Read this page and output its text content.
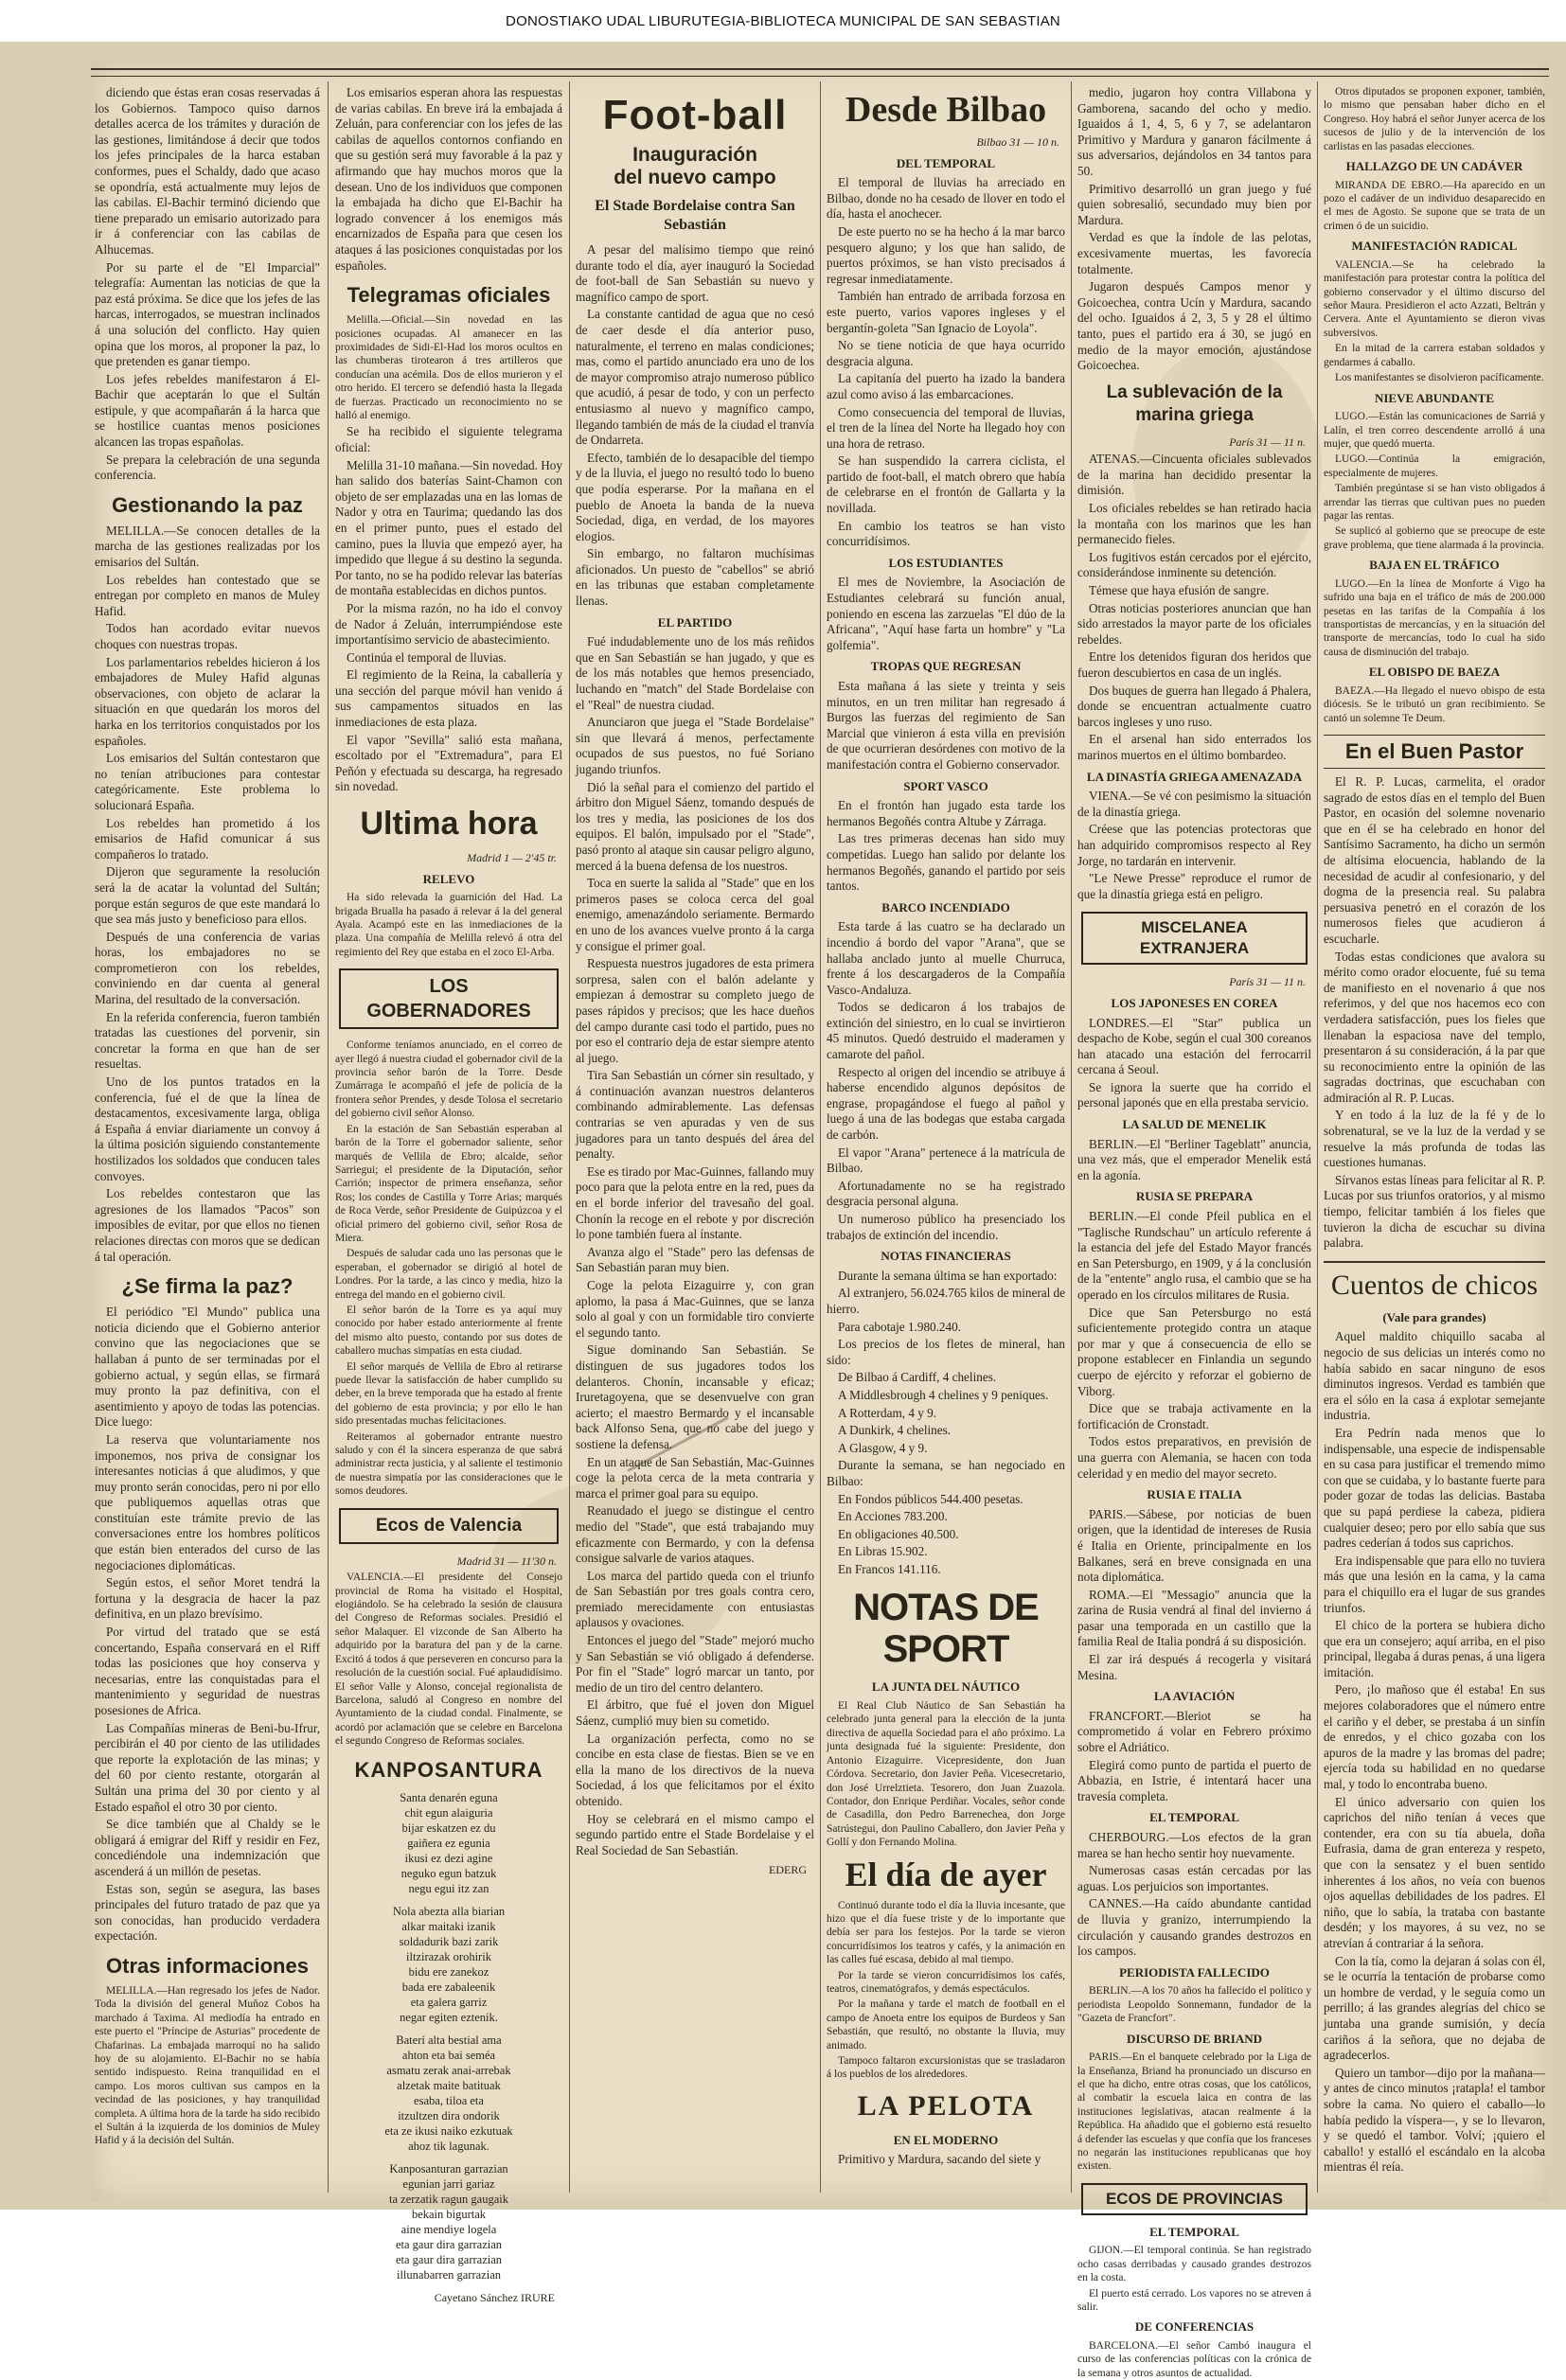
DONOSTIAKO UDAL LIBURUTEGIA-BIBLIOTECA MUNICIPAL DE SAN SEBASTIAN

diciendo que éstas eran cosas reservadas á los Gobiernos. Tampoco quiso darnos detalles acerca de los trámites y duración de las gestiones, limitándose á decir que todos los jefes principales de la harca estaban conformes, pues el Schaldy, dado que acaso se opondría, está actualmente muy lejos de las cabilas. El-Bachir terminó diciendo que tiene preparado un emisario autorizado para ir á conferenciar con las cabilas de Alhucemas.

Por su parte el de "El Imparcial" telegrafía: Aumentan las noticias de que la paz está próxima. Se dice que los jefes de las harcas, interrogados, se muestran inclinados á una solución del conflicto. Hay quien opina que los moros, al proponer la paz, lo que pretenden es ganar tiempo.

Los jefes rebeldes manifestaron á El-Bachir que aceptarán lo que el Sultán estipule, y que acompañarán á la harca que se hostilice cuantas menos posiciones alcancen las tropas españolas.

Se prepara la celebración de una segunda conferencia.

Gestionando la paz

MELILLA.—Se conocen detalles de la marcha de las gestiones realizadas por los emisarios del Sultán.

Los rebeldes han contestado que se entregan por completo en manos de Muley Hafid.

Todos han acordado evitar nuevos choques con nuestras tropas.

Los parlamentarios rebeldes hicieron á los embajadores de Muley Hafid algunas observaciones, con objeto de aclarar la situación en que quedarán los moros del harka en los territorios conquistados por los españoles.

Los emisarios del Sultán contestaron que no tenían atribuciones para contestar categóricamente. Este problema lo solucionará España.

Los rebeldes han prometido á los emisarios de Hafid comunicar á sus compañeros lo tratado.

Dijeron que seguramente la resolución será la de acatar la voluntad del Sultán; porque están seguros de que este mandará lo que sea más justo y beneficioso para ellos.

Después de una conferencia de varias horas, los embajadores no se comprometieron con los rebeldes, conviniendo en dar cuenta al general Marina, del resultado de la conversación.

En la referida conferencia, fueron también tratadas las cuestiones del porvenir, sin concretar la forma en que han de ser resueltas.

Uno de los puntos tratados en la conferencia, fué el de que la línea de destacamentos, excesivamente larga, obliga á España á enviar diariamente un convoy á la última posición siguiendo constantemente hostilizados los soldados que conducen tales convoyes.

Los rebeldes contestaron que las agresiones de los llamados "Pacos" son imposibles de evitar, por que ellos no tienen relaciones directas con moros que se dedican á tal operación.

¿Se firma la paz?

El periódico "El Mundo" publica una noticia diciendo que el Gobierno anterior convino que las negociaciones que se hallaban á punto de ser terminadas por el gobierno actual, y según ellas, se firmará muy pronto la paz definitiva, con el asentimiento y apoyo de todas las potencias. Dice luego:

La reserva que voluntariamente nos imponemos, nos priva de consignar los interesantes noticias á que aludimos, y que muy pronto serán conocidas, pero ni por ello que publiquemos aquellas otras que constituían este trámite previo de las conversaciones entre los hombres políticos que están bien enterados del curso de las negociaciones diplomáticas.

Según estos, el señor Moret tendrá la fortuna y la desgracia de hacer la paz definitiva, en un plazo brevísimo.

Por virtud del tratado que se está concertando, España conservará en el Riff todas las posiciones que hoy conserva y necesarias, entre las conquistadas para el mantenimiento y seguridad de nuestras posesiones de Africa.

Las Compañías mineras de Beni-bu-Ifrur, percibirán el 40 por ciento de las utilidades que reporte la explotación de las minas; y del 60 por ciento restante, otorgarán al Sultán una prima del 30 por ciento y al Estado español el otro 30 por ciento.

Se dice también que al Chaldy se le obligará á emigrar del Riff y residir en Fez, concediéndole una indemnización que ascenderá á un millón de pesetas.

Estas son, según se asegura, las bases principales del futuro tratado de paz que ya son conocidas, han producido verdadera expectación.

Otras informaciones

MELILLA.—Han regresado los jefes de Nador. Toda la división del general Muñoz Cobos ha marchado á Taxima. Al mediodía ha entrado en este puerto el "Príncipe de Asturias" procedente de Chafarinas. La embajada marroquí no ha salido hoy de su alojamiento. El-Bachir no se había sentido indispuesto. Reina tranquilidad en el campo. Los moros cultivan sus campos en la vecindad de las posiciones, y hay tranquilidad completa. A última hora de la tarde ha sido recibido el Sultán á la izquierda de los dominios de Muley Hafid y á la decisión del Sultán.

Los emisarios esperan ahora las respuestas de varias cabilas. En breve irá la embajada á Zeluán, para conferenciar con los jefes de las cabilas de aquellos contornos confiando en que su gestión será muy favorable á la paz y afirmando que hay muchos moros que la desean. Uno de los individuos que componen la embajada ha dicho que El-Bachir ha logrado convencer á los enemigos más encarnizados de España para que cesen los ataques á las posiciones conquistadas por los españoles.

Telegramas oficiales

Melilla.—Oficial.—Sin novedad en las posiciones ocupadas. Al amanecer en las proximidades de Sidi-El-Had los moros ocultos en las chumberas tirotearon á tres artilleros que conducían una acémila. Dos de ellos murieron y el otro herido. El tercero se defendió hasta la llegada de fuerzas. Practicado un reconocimiento no se halló al enemigo.

Se ha recibido el siguiente telegrama oficial:

Melilla 31-10 mañana.—Sin novedad. Hoy han salido dos baterías Saint-Chamon con objeto de ser emplazadas una en las lomas de Nador y otra en Taurima; quedando las dos en el primer punto, pues el estado del camino, pues la lluvia que empezó ayer, ha impedido que llegue á su destino la segunda. Por tanto, no se ha podido relevar las baterías de montaña establecidas en dichos puntos.

Por la misma razón, no ha ido el convoy de Nador á Zeluán, interrumpiéndose este importantísimo servicio de abastecimiento.

Continúa el temporal de lluvias.

El regimiento de la Reina, la caballería y una sección del parque móvil han venido á sus campamentos situados en las inmediaciones de esta plaza.

El vapor "Sevilla" salió esta mañana, escoltado por el "Extremadura", para El Peñón y efectuada su descarga, ha regresado sin novedad.

Ultima hora
Madrid 1 — 2'45 tr.
RELEVO

Ha sido relevada la guarnición del Had. La brigada Brualla ha pasado á relevar á la del general Ayala. Acampó este en las inmediaciones de la plaza. Una compañía de Melilla relevó á otra del regimiento del Rey que estaba en el zoco El-Arba.

LOS GOBERNADORES

Conforme teníamos anunciado, en el correo de ayer llegó á nuestra ciudad el gobernador civil de la provincia señor barón de la Torre. Desde Zumárraga le acompañó el jefe de policía de la frontera señor Prendes, y desde Tolosa el secretario del gobierno civil señor Alonso.

En la estación de San Sebastián esperaban al barón de la Torre el gobernador saliente, señor marqués de Vellila de Ebro; alcalde, señor Sarriegui; el presidente de la Diputación, señor Carrión; inspector de primera enseñanza, señor Ros; los condes de Castilla y Torre Arias; marqués de Roca Verde, señor Presidente de Guipúzcoa y el oficial primero del gobierno civil, señor Rosa de Miera.

Después de saludar cada uno las personas que le esperaban, el gobernador se dirigió al hotel de Londres. Por la tarde, a las cinco y media, hizo la entrega del mando en el gobierno civil.

El señor barón de la Torre es ya aquí muy conocido por haber estado anteriormente al frente del mismo alto puesto, contando por sus dotes de caballero muchas simpatías en esta ciudad.

El señor marqués de Vellila de Ebro al retirarse puede llevar la satisfacción de haber cumplido su deber, en la breve temporada que ha estado al frente del gobierno de esta provincia; y por ello le han sido presentadas muchas felicitaciones.

Reiteramos al gobernador entrante nuestro saludo y con él la sincera esperanza de que sabrá administrar recta justicia, y al saliente el testimonio de nuestra simpatía por las consideraciones que le somos deudores.

Ecos de Valencia
Madrid 31 — 11'30 n.

VALENCIA.—El presidente del Consejo provincial de Roma ha visitado el Hospital, elogiándolo. Se ha celebrado la sesión de clausura del Congreso de Reformas sociales. Presidió el señor Malaquer. El vizconde de San Alberto ha adquirido por la baratura del pan y de la carne. Excitó á todos á que perseveren en concurso para la resolución de la cuestión social. Fué aplaudidísimo. El señor Valle y Alonso, concejal regionalista de Barcelona, saludó al Congreso en nombre del Ayuntamiento de la ciudad condal. Finalmente, se acordó por aclamación que se celebre en Barcelona el segundo Congreso de Reformas sociales.

KANPOSANTURA
Santa denarén eguna
chit egun alaiguria
bijar eskatzen ez du
gaiñera ez egunia
ikusi ez dezi agine
neguko egun batzuk
negu egui itz zan
Nola abezta alla biarian
alkar maitaki izanik
soldadurik bazi zarik
iltzirazak orohirik
bidu ere zanekoz
bada ere zabaleenik
eta galera garriz
negar egiten eztenik.
Baterí alta bestial ama
ahton eta bai seméa
asmatu zerak anai-arrebak
alzetak maite batituak
esaba, tiloa eta
itzultzen dira ondorik
eta ze ikusi naiko ezkutuak
ahoz tik lagunak.
Kanposanturan garrazian
egunian jarri gariaz
ta zerzatik ragun gaugaik
bekain bigurtak
aine mendiye logela
eta gaur dira garrazian
eta gaur dira garrazian
illunabarren garrazian
Cayetano Sánchez IRURE
Foot-ball
Inauguración
del nuevo campo
El Stade Bordelaise contra San Sebastián

A pesar del malísimo tiempo que reinó durante todo el día, ayer inauguró la Sociedad de foot-ball de San Sebastián su nuevo y magnífico campo de sport.

La constante cantidad de agua que no cesó de caer desde el día anterior puso, naturalmente, el terreno en malas condiciones; mas, como el partido anunciado era uno de los de mayor compromiso atrajo numeroso público que acudió, á pesar de todo, y con un perfecto entusiasmo al nuevo y magnífico campo, llegando también de más de la ciudad el tranvía de Ondarreta.

Efecto, también de lo desapacible del tiempo y de la lluvia, el juego no resultó todo lo bueno que podía esperarse. Por la mañana en el pueblo de Anoeta la banda de la nueva Sociedad, diga, en verdad, de los mayores elogios.

Sin embargo, no faltaron muchísimas aficionados. Un puesto de "cabellos" se abrió en las tribunas que estaban completamente llenas.

EL PARTIDO

Fué indudablemente uno de los más reñidos que en San Sebastián se han jugado, y que es de los más notables que hemos presenciado, luchando en "match" del Stade Bordelaise con el "Real" de nuestra ciudad.

Anunciaron que juega el "Stade Bordelaise" sin que llevará á menos, perfectamente ocupados de sus puestos, no fué Soriano jugando triunfos.

Dió la señal para el comienzo del partido el árbitro don Miguel Sáenz, tomando después de los tres y media, las posiciones de los dos equipos. El balón, impulsado por el "Stade", pasó pronto al ataque sin causar peligro alguno, merced á la buena defensa de los nuestros.

Toca en suerte la salida al "Stade" que en los primeros pases se coloca cerca del goal enemigo, amenazándolo seriamente. Bermardo en uno de los avances vuelve pronto á la carga y consigue el primer goal.

Respuesta nuestros jugadores de esta primera sorpresa, salen con el balón adelante y empiezan á demostrar su completo juego de pases rápidos y precisos; que les hace dueños del campo durante casi todo el partido, pues no por eso el contrario deja de estar siempre atento al juego.

Tira San Sebastián un córner sin resultado, y á continuación avanzan nuestros delanteros combinando admirablemente. Las defensas contrarias se ven apuradas y ven de sus jugadores para un tanto después del área del penalty.

Ese es tirado por Mac-Guinnes, fallando muy poco para que la pelota entre en la red, pues da en el borde inferior del travesaño del goal. Chonín la recoge en el rebote y por discreción lo pone también fuera al ínstante.

Avanza algo el "Stade" pero las defensas de San Sebastián paran muy bien.

Coge la pelota Eizaguirre y, con gran aplomo, la pasa á Mac-Guinnes, que se lanza solo al goal y con un formidable tiro convierte el segundo tanto.

Sigue dominando San Sebastián. Se distinguen de sus jugadores todos los delanteros. Chonín, incansable y eficaz; Iruretagoyena, que se desenvuelve con gran acierto; el maestro Bermardo y el incansable back Alfonso Sena, que no cabe del juego y sostiene la defensa.

En un ataque de San Sebastián, Mac-Guinnes coge la pelota cerca de la meta contraria y marca el primer goal para su equipo.

Reanudado el juego se distingue el centro medio del "Stade", que está trabajando muy eficazmente con Bermardo, y con la defensa consigue salvarle de varios ataques.

Los marca del partido queda con el triunfo de San Sebastián por tres goals contra cero, premiado merecidamente con entusiastas aplausos y ovaciones.

Entonces el juego del "Stade" mejoró mucho y San Sebastián se vió obligado á defenderse. Por fin el "Stade" logró marcar un tanto, por medio de un tiro del centro delantero.

El árbitro, que fué el joven don Miguel Sáenz, cumplió muy bien su cometido.

La organización perfecta, como no se concibe en esta clase de fiestas. Bien se ve en ella la mano de los directivos de la nueva Sociedad, á los que felicitamos por el éxito obtenido.

Hoy se celebrará en el mismo campo el segundo partido entre el Stade Bordelaise y el Real Sociedad de San Sebastián.

EDERG
Desde Bilbao
Bilbao 31 — 10 n.
DEL TEMPORAL

El temporal de lluvias ha arreciado en Bilbao, donde no ha cesado de llover en todo el día, hasta el anochecer.

De este puerto no se ha hecho á la mar barco pesquero alguno; y los que han salido, de puertos próximos, se han visto precisados á regresar inmediatamente.

También han entrado de arribada forzosa en este puerto, varios vapores ingleses y el bergantín-goleta "San Ignacio de Loyola".

No se tiene noticia de que haya ocurrido desgracia alguna.

La capitanía del puerto ha izado la bandera azul como aviso á las embarcaciones.

Como consecuencia del temporal de lluvias, el tren de la línea del Norte ha llegado hoy con una hora de retraso.

Se han suspendido la carrera ciclista, el partido de foot-ball, el match obrero que había de celebrarse en el frontón de Gallarta y la novillada.

En cambio los teatros se han visto concurridísimos.

LOS ESTUDIANTES

El mes de Noviembre, la Asociación de Estudiantes celebrará su función anual, poniendo en escena las zarzuelas "El dúo de la Africana", "Aquí hase farta un hombre" y "La golfemia".

TROPAS QUE REGRESAN

Esta mañana á las siete y treinta y seis minutos, en un tren militar han regresado á Burgos las fuerzas del regimiento de San Marcial que vinieron á esta villa en previsión de que ocurrieran desórdenes con motivo de la manifestación contra el Gobierno conservador.

SPORT VASCO

En el frontón han jugado esta tarde los hermanos Begoñés contra Altube y Zárraga.

Las tres primeras decenas han sido muy competidas. Luego han salido por delante los hermanos Begoñés, ganando el partido por seis tantos.

BARCO INCENDIADO

Esta tarde á las cuatro se ha declarado un incendio á bordo del vapor "Arana", que se hallaba anclado junto al muelle Churruca, frente á los descargaderos de la Compañía Vasco-Andaluza.

Todos se dedicaron á los trabajos de extinción del siniestro, en lo cual se invirtieron 45 minutos. Quedó destruido el maderamen y camarote del pañol.

Respecto al origen del incendio se atribuye á haberse encendido algunos depósitos de engrase, propagándose el fuego al pañol y luego á una de las bodegas que estaba cargada de carbón.

El vapor "Arana" pertenece á la matrícula de Bilbao.

Afortunadamente no se ha registrado desgracia personal alguna.

Un numeroso público ha presenciado los trabajos de extinción del incendio.

NOTAS FINANCIERAS

Durante la semana última se han exportado:

Al extranjero, 56.024.765 kilos de mineral de hierro.

Para cabotaje 1.980.240.

Los precios de los fletes de mineral, han sido:

De Bilbao á Cardiff, 4 chelines.

A Middlesbrough 4 chelines y 9 peniques.

A Rotterdam, 4 y 9.

A Dunkirk, 4 chelines.

A Glasgow, 4 y 9.

Durante la semana, se han negociado en Bilbao:

En Fondos públicos 544.400 pesetas.

En Acciones 783.200.

En obligaciones 40.500.

En Libras 15.902.

En Francos 141.116.

NOTAS DE SPORT
LA JUNTA DEL NÁUTICO

El Real Club Náutico de San Sebastián ha celebrado junta general para la elección de la junta directiva de aquella Sociedad para el año próximo. La junta designada fué la siguiente: Presidente, don Antonio Eizaguirre. Vicepresidente, don Juan Córdova. Secretario, don Javier Peña. Vicesecretario, don José Urrelztieta. Tesorero, don Juan Zuazola. Contador, don Enrique Perdiñar. Vocales, señor conde de Casadilla, don Pedro Barrenechea, don Jorge Satrústegui, don Paulino Caballero, don Javier Peña y Gollí y don Fernando Molina.

El día de ayer

Continuó durante todo el día la lluvia incesante, que hizo que el día fuese triste y de lo importante que debía ser para los festejos. Por la tarde se vieron concurridísimos los teatros y cafés, y la animación en las calles fué escasa, debido al mal tiempo.

Por la tarde se vieron concurridísimos los cafés, teatros, cinematógrafos, y demás espectáculos.

Por la mañana y tarde el match de football en el campo de Anoeta entre los equipos de Burdeos y San Sebastián, que resultó, no obstante la lluvia, muy animado.

Tampoco faltaron excursionistas que se trasladaron á los pueblos de los alrededores.

LA PELOTA
EN EL MODERNO

Primitivo y Mardura, sacando del siete y

medio, jugaron hoy contra Villabona y Gamborena, sacando del ocho y medio. Iguaidos á 1, 4, 5, 6 y 7, se adelantaron Primitivo y Mardura y ganaron fácilmente á sus adversarios, dejándolos en 34 tantos para 50.

Primitivo desarrolló un gran juego y fué quien sobresalió, secundado muy bien por Mardura.

Verdad es que la índole de las pelotas, excesivamente muertas, les favorecía totalmente.

Jugaron después Campos menor y Goicoechea, contra Ucín y Mardura, sacando del ocho. Iguaidos á 2, 3, 5 y 28 el último tanto, pues el partido era á 30, se jugó en medio de la mayor emoción, ajustándose Goicoechea.

La sublevación de la marina griega
París 31 — 11 n.

ATENAS.—Cincuenta oficiales sublevados de la marina han decidido presentar la dimisión.

Los oficiales rebeldes se han retirado hacia la montaña con los marinos que les han permanecido fieles.

Los fugitivos están cercados por el ejército, considerándose inminente su detención.

Témese que haya efusión de sangre.

Otras noticias posteriores anuncian que han sido arrestados la mayor parte de los oficiales rebeldes.

Entre los detenidos figuran dos heridos que fueron descubiertos en casa de un inglés.

Dos buques de guerra han llegado á Phalera, donde se encuentran actualmente cuatro barcos ingleses y uno ruso.

En el arsenal han sido enterrados los marinos muertos en el último bombardeo.

LA DINASTÍA GRIEGA AMENAZADA

VIENA.—Se vé con pesimismo la situación de la dinastía griega.

Créese que las potencias protectoras que han adquirido compromisos respecto al Rey Jorge, no tardarán en intervenir.

"Le Newe Presse" reproduce el rumor de que la dinastía griega está en peligro.

MISCELANEA EXTRANJERA
París 31 — 11 n.
LOS JAPONESES EN COREA

LONDRES.—El "Star" publica un despacho de Kobe, según el cual 300 coreanos han atacado una estación del ferrocarril cercana á Seoul.

Se ignora la suerte que ha corrido el personal japonés que en ella prestaba servicio.

LA SALUD DE MENELIK

BERLIN.—El "Berliner Tageblatt" anuncia, una vez más, que el emperador Menelik está en la agonía.

RUSIA SE PREPARA

BERLIN.—El conde Pfeil publica en el "Taglische Rundschau" un artículo referente á la estancia del jefe del Estado Mayor francés en San Petersburgo, en 1909, y á la conclusión de la "entente" anglo rusa, el cambio que se ha operado en los círculos militares de Rusia.

Dice que San Petersburgo no está suficientemente protegido contra un ataque por mar y que á consecuencia de ello se propone establecer en Finlandia un segundo cuerpo de ejército y reforzar el gobierno de Viborg.

Dice que se trabaja activamente en la fortificación de Cronstadt.

Todos estos preparativos, en previsión de una guerra con Alemania, se hacen con toda celeridad y en medio del mayor secreto.

RUSIA E ITALIA

PARIS.—Sábese, por noticias de buen origen, que la identidad de intereses de Rusia é Italia en Oriente, principalmente en los Balkanes, será en breve consignada en una nota diplomática.

ROMA.—El "Messagio" anuncia que la zarina de Rusia vendrá al final del invierno á pasar una temporada en un castillo que la familia Real de Italia pondrá á su disposición.

El zar irá después á recogerla y visitará Mesina.

LA AVIACIÓN

FRANCFORT.—Bleriot se ha comprometido á volar en Febrero próximo sobre el Adriático.

Elegirá como punto de partida el puerto de Abbazia, en Istrie, é intentará hacer una travesía completa.

EL TEMPORAL

CHERBOURG.—Los efectos de la gran marea se han hecho sentir hoy nuevamente.

Numerosas casas están cercadas por las aguas. Los perjuicios son importantes.

CANNES.—Ha caído abundante cantidad de lluvia y granizo, interrumpiendo la circulación y causando grandes destrozos en los campos.

PERIODISTA FALLECIDO

BERLIN.—A los 70 años ha fallecido el político y periodista Leopoldo Sonnemann, fundador de la "Gazeta de Francfort".

DISCURSO DE BRIAND

PARIS.—En el banquete celebrado por la Liga de la Enseñanza, Briand ha pronunciado un discurso en el que ha dicho, entre otras cosas, que los católicos, al combatir la escuela laica en contra de las instituciones legislativas, atacan realmente á la República. Ha añadido que el gobierno está resuelto á defender las escuelas y que confía que los franceses no negarán las instituciones republicanas que hoy existen.

ECOS DE PROVINCIAS
EL TEMPORAL

GIJON.—El temporal continúa. Se han registrado ocho casas derribadas y causado grandes destrozos en la costa.

El puerto está cerrado. Los vapores no se atreven á salir.

DE CONFERENCIAS

BARCELONA.—El señor Cambó inaugura el curso de las conferencias políticas con la crónica de la semana y otros asuntos de actualidad.

Otros diputados se proponen exponer, también, lo mismo que pensaban haber dicho en el Congreso. Hoy habrá el señor Junyer acerca de los sucesos de julio y de la intervención de los carlistas en las pasadas elecciones.

HALLAZGO DE UN CADÁVER

MIRANDA DE EBRO.—Ha aparecido en un pozo el cadáver de un individuo desaparecido en el mes de Agosto. Se supone que se trata de un crimen ó de un suicidio.

MANIFESTACIÓN RADICAL

VALENCIA.—Se ha celebrado la manifestación para protestar contra la política del gobierno conservador y el último discurso del señor Maura. Presidieron el acto Azzati, Beltrán y Cervera. Ante el Ayuntamiento se dieron vivas subversivos.

En la mitad de la carrera estaban soldados y gendarmes á caballo.

Los manifestantes se disolvieron pacíficamente.

NIEVE ABUNDANTE

LUGO.—Están las comunicaciones de Sarriá y Lalín, el tren correo descendente arrolló á una mujer, que quedó muerta.

LUGO.—Continúa la emigración, especialmente de mujeres.

También pregúntase si se han visto obligados á arrendar las tierras que cultivan pues no pueden pagar las rentas.

Se suplicó al gobierno que se preocupe de este grave problema, que tiene alarmada á la provincia.

BAJA EN EL TRÁFICO

LUGO.—En la línea de Monforte á Vigo ha sufrido una baja en el tráfico de más de 200.000 pesetas en las tarifas de la Compañía á los transportistas de mercancías, y en la situación del transporte de mercancías, todo lo cual ha sido causa de disminución del trabajo.

EL OBISPO DE BAEZA

BAEZA.—Ha llegado el nuevo obispo de esta diócesis. Se le tributó un gran recibimiento. Se cantó un solemne Te Deum.

En el Buen Pastor

El R. P. Lucas, carmelita, el orador sagrado de estos días en el templo del Buen Pastor, en ocasión del solemne novenario que en él se ha celebrado en honor del Santísimo Sacramento, ha dicho un sermón de altísima elocuencia, hablando de la necesidad de acudir al confesionario, y del dogma de la presencia real. Su palabra persuasiva penetró en el corazón de los numerosos fieles que acudieron á escucharle.

Todas estas condiciones que avalora su mérito como orador elocuente, fué su tema de manifiesto en el novenario á que nos referimos, y del que nos hacemos eco con verdadera satisfacción, pues los fieles que llenaban la espaciosa nave del templo, presentaron á su consideración, á la par que su reconocimiento entre la opinión de las sagradas doctrinas, que escuchaban con admiración al R. P. Lucas.

Y en todo á la luz de la fé y de lo sobrenatural, se ve la luz de la verdad y se resuelve la más profunda de todas las cuestiones humanas.

Sírvanos estas líneas para felicitar al R. P. Lucas por sus triunfos oratorios, y al mismo tiempo, felicitar también á los fieles que tuvieron la dicha de escuchar su divina palabra.

Cuentos de chicos
(Vale para grandes)

Aquel maldito chiquillo sacaba al negocio de sus delicias un interés como no había sabido en sacar ninguno de esos diminutos ingresos. Verdad es también que era el sólo en la casa á explotar semejante industria.

Era Pedrín nada menos que lo indispensable, una especie de indispensable en su casa para justificar el tremendo mimo con que se cuidaba, y lo bastante fuerte para poder gozar de todas las delicias. Bastaba que su papá perdiese la cabeza, pidiera cualquier deseo; pero por ello sabía que sus padres cederían á todos sus caprichos.

Era indispensable que para ello no tuviera más que una lesión en la cama, y la cama para el chiquillo era el lugar de sus grandes triunfos.

El chico de la portera se hubiera dicho que era un consejero; aquí arriba, en el piso principal, llegaba á duras penas, á una ligera imitación.

Pero, ¡lo mañoso que él estaba! En sus mejores colaboradores que el número entre el cariño y el deber, se prestaba á un sinfín de enredos, y el chico gozaba con los apuros de la madre y las bromas del padre; ejercía toda su habilidad en no quedarse mal, y todo lo encontraba bueno.

El único adversario con quien los caprichos del niño tenían á veces que contender, era con su tía abuela, doña Eufrasia, dama de gran entereza y respeto, que con la sensatez y el buen sentido inherentes á los años, no veía con buenos ojos aquellas debilidades de los padres. El niño, que lo sabía, la trataba con bastante desdén; y los mayores, á su vez, no se atrevían á contrariar á la señora.

Con la tía, como la dejaran á solas con él, se le ocurría la tentación de probarse como un hombre de verdad, y le seguía como un perrillo; á las grandes alegrías del chico se juntaba una grande sumisión, y decía cariños á la señora, que no dejaba de agradecerlos.

Quiero un tambor—dijo por la mañana—y antes de cinco minutos ¡ratapla! el tambor sobre la cama. No quiero el caballo—lo había pedido la víspera—, y se lo llevaron, y se quedó el tambor. Volví; ¡quiero el caballo! y estalló el escándalo en la alcoba mientras él reía.
